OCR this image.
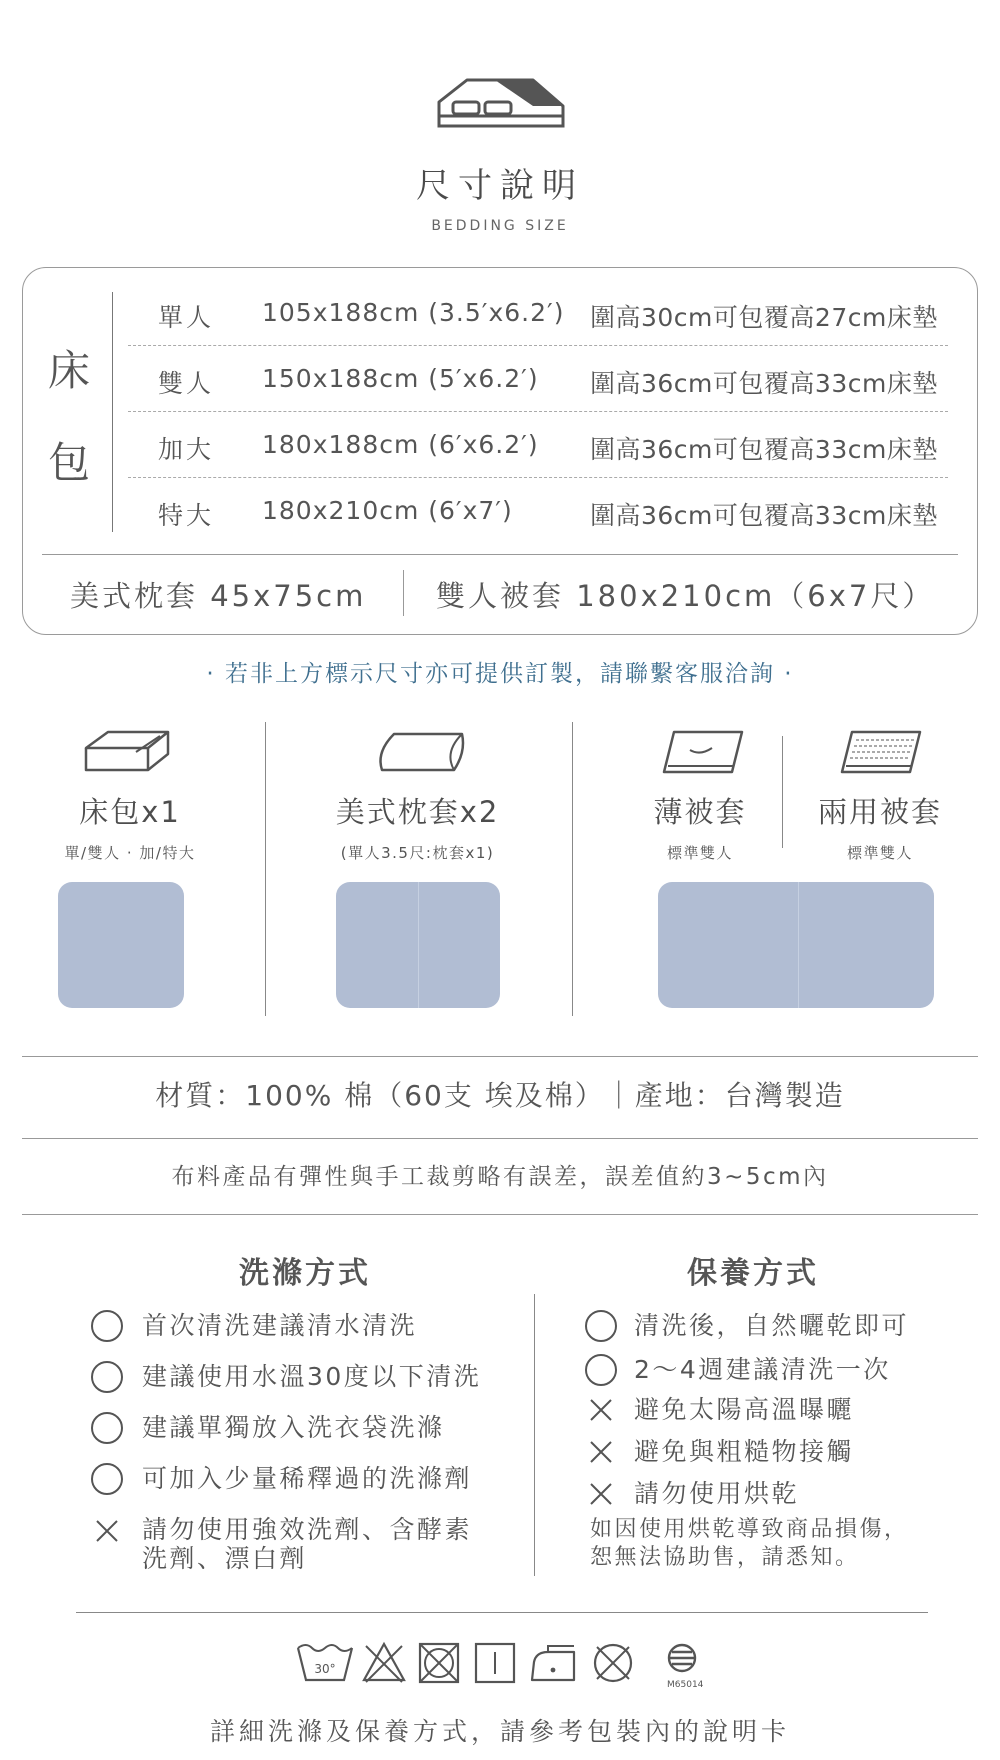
尺寸說明
BEDDING SIZE
床
包
單人 105x188cm (3.5′x6.2′) 圍高30cm可包覆高27cm床墊
雙人 150x188cm (5′x6.2′) 圍高36cm可包覆高33cm床墊
加大 180x188cm (6′x6.2′) 圍高36cm可包覆高33cm床墊
特大 180x210cm (6′x7′)	圍高36cm可包覆高33cm床墊
美式枕套 45x75cm 雙人被套 180x210cm（6x7尺）
· 若非上方標示尺寸亦可提供訂製，請聯繫客服洽詢 ·
床包x1
單/雙人 · 加/特大
美式枕套x2
(單人3.5尺:枕套x1)
薄被套
標準雙人
兩用被套
標準雙人
材質：100% 棉（60支 埃及棉）｜產地：台灣製造
布料產品有彈性與手工裁剪略有誤差，誤差值約3~5cm內
洗滌方式	保養方式
首次清洗建議清水清洗
建議使用水溫30度以下清洗
建議單獨放入洗衣袋洗滌
可加入少量稀釋過的洗滌劑
請勿使用強效洗劑、含酵素
洗劑、漂白劑
清洗後，自然曬乾即可
2～4週建議清洗一次
避免太陽高溫曝曬
避免與粗糙物接觸
請勿使用烘乾
如因使用烘乾導致商品損傷，
恕無法協助售，請悉知。
30°
M65014
詳細洗滌及保養方式，請參考包裝內的說明卡
